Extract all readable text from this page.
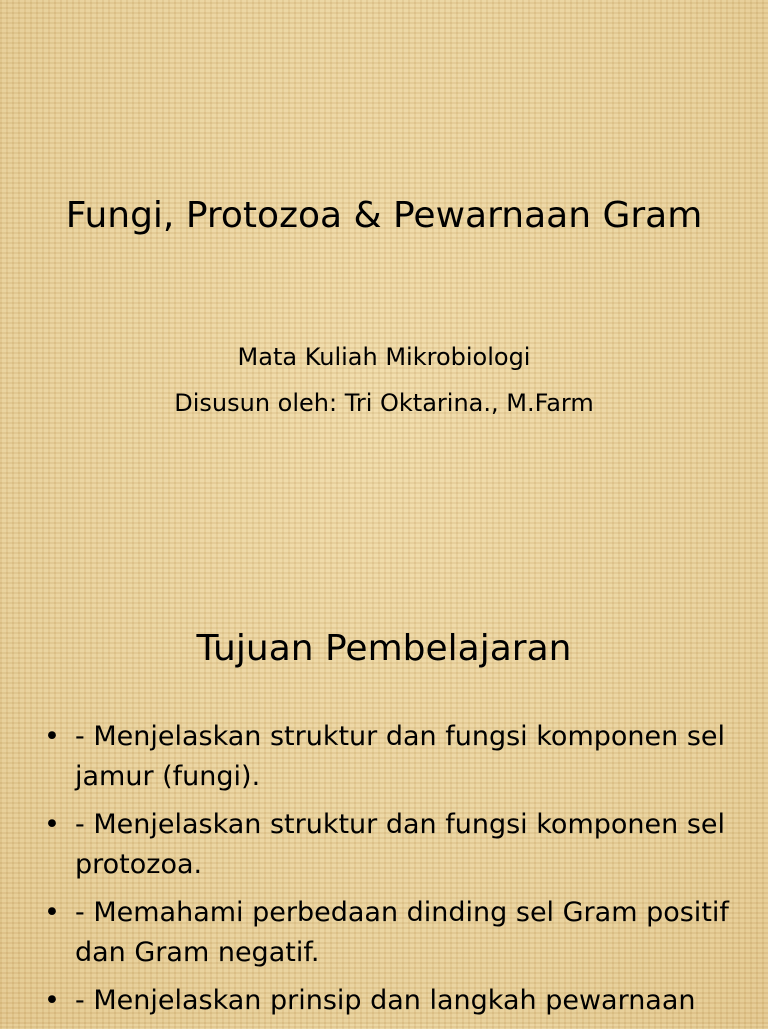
Fungi, Protozoa & Pewarnaan Gram
Mata Kuliah Mikrobiologi
Disusun oleh: Tri Oktarina., M.Farm
Tujuan Pembelajaran
• - Menjelaskan struktur dan fungsi komponen sel jamur (fungi).
• - Menjelaskan struktur dan fungsi komponen sel protozoa.
• - Memahami perbedaan dinding sel Gram positif dan Gram negatif.
• - Menjelaskan prinsip dan langkah pewarnaan
